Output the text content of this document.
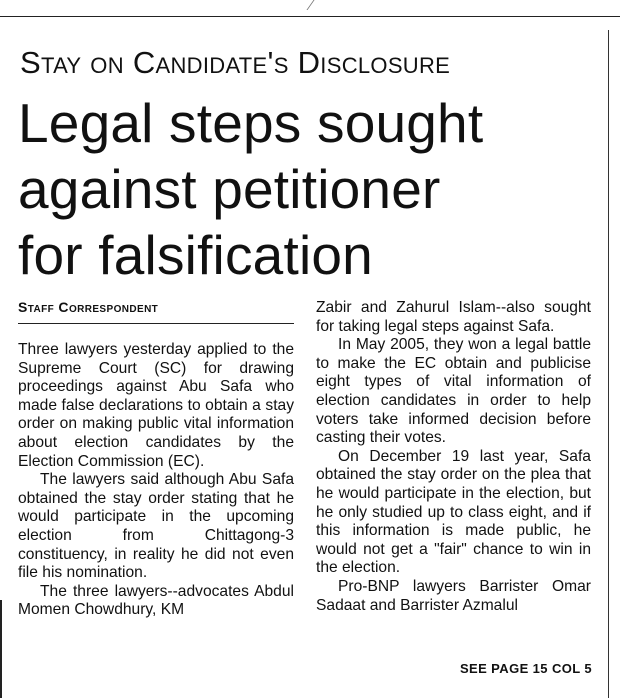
Stay on Candidate's Disclosure
Legal steps sought
against petitioner
for falsification
Staff Correspondent

Three lawyers yesterday applied to the Supreme Court (SC) for drawing proceedings against Abu Safa who made false declarations to obtain a stay order on making public vital information about election candidates by the Election Commission (EC).

The lawyers said although Abu Safa obtained the stay order stating that he would participate in the upcoming election from Chittagong-3 constituency, in reality he did not even file his nomination.

The three lawyers--advocates Abdul Momen Chowdhury, KM

Zabir and Zahurul Islam--also sought for taking legal steps against Safa.

In May 2005, they won a legal battle to make the EC obtain and publicise eight types of vital information of election candidates in order to help voters take informed decision before casting their votes.

On December 19 last year, Safa obtained the stay order on the plea that he would participate in the election, but he only studied up to class eight, and if this information is made public, he would not get a "fair" chance to win in the election.

Pro-BNP lawyers Barrister Omar Sadaat and Barrister Azmalul

SEE PAGE 15 COL 5
